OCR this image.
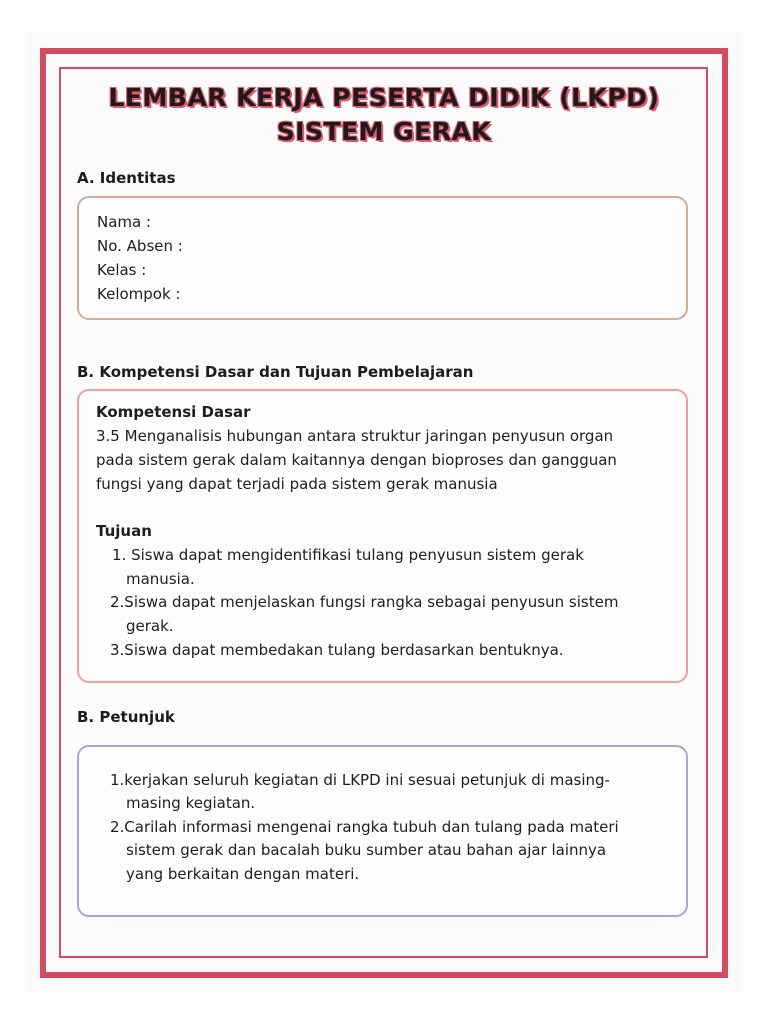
LEMBAR KERJA PESERTA DIDIK (LKPD)
SISTEM GERAK
A. Identitas
Nama :
No. Absen :
Kelas :
Kelompok :
B. Kompetensi Dasar dan Tujuan Pembelajaran
Kompetensi Dasar
3.5 Menganalisis hubungan antara struktur jaringan penyusun organ
pada sistem gerak dalam kaitannya dengan bioproses dan gangguan
fungsi yang dapat terjadi pada sistem gerak manusia
Tujuan
1. Siswa dapat mengidentifikasi tulang penyusun sistem gerak
manusia.
2.Siswa dapat menjelaskan fungsi rangka sebagai penyusun sistem
gerak.
3.Siswa dapat membedakan tulang berdasarkan bentuknya.
B. Petunjuk
1.kerjakan seluruh kegiatan di LKPD ini sesuai petunjuk di masing-
masing kegiatan.
2.Carilah informasi mengenai rangka tubuh dan tulang pada materi
sistem gerak dan bacalah buku sumber atau bahan ajar lainnya
yang berkaitan dengan materi.
